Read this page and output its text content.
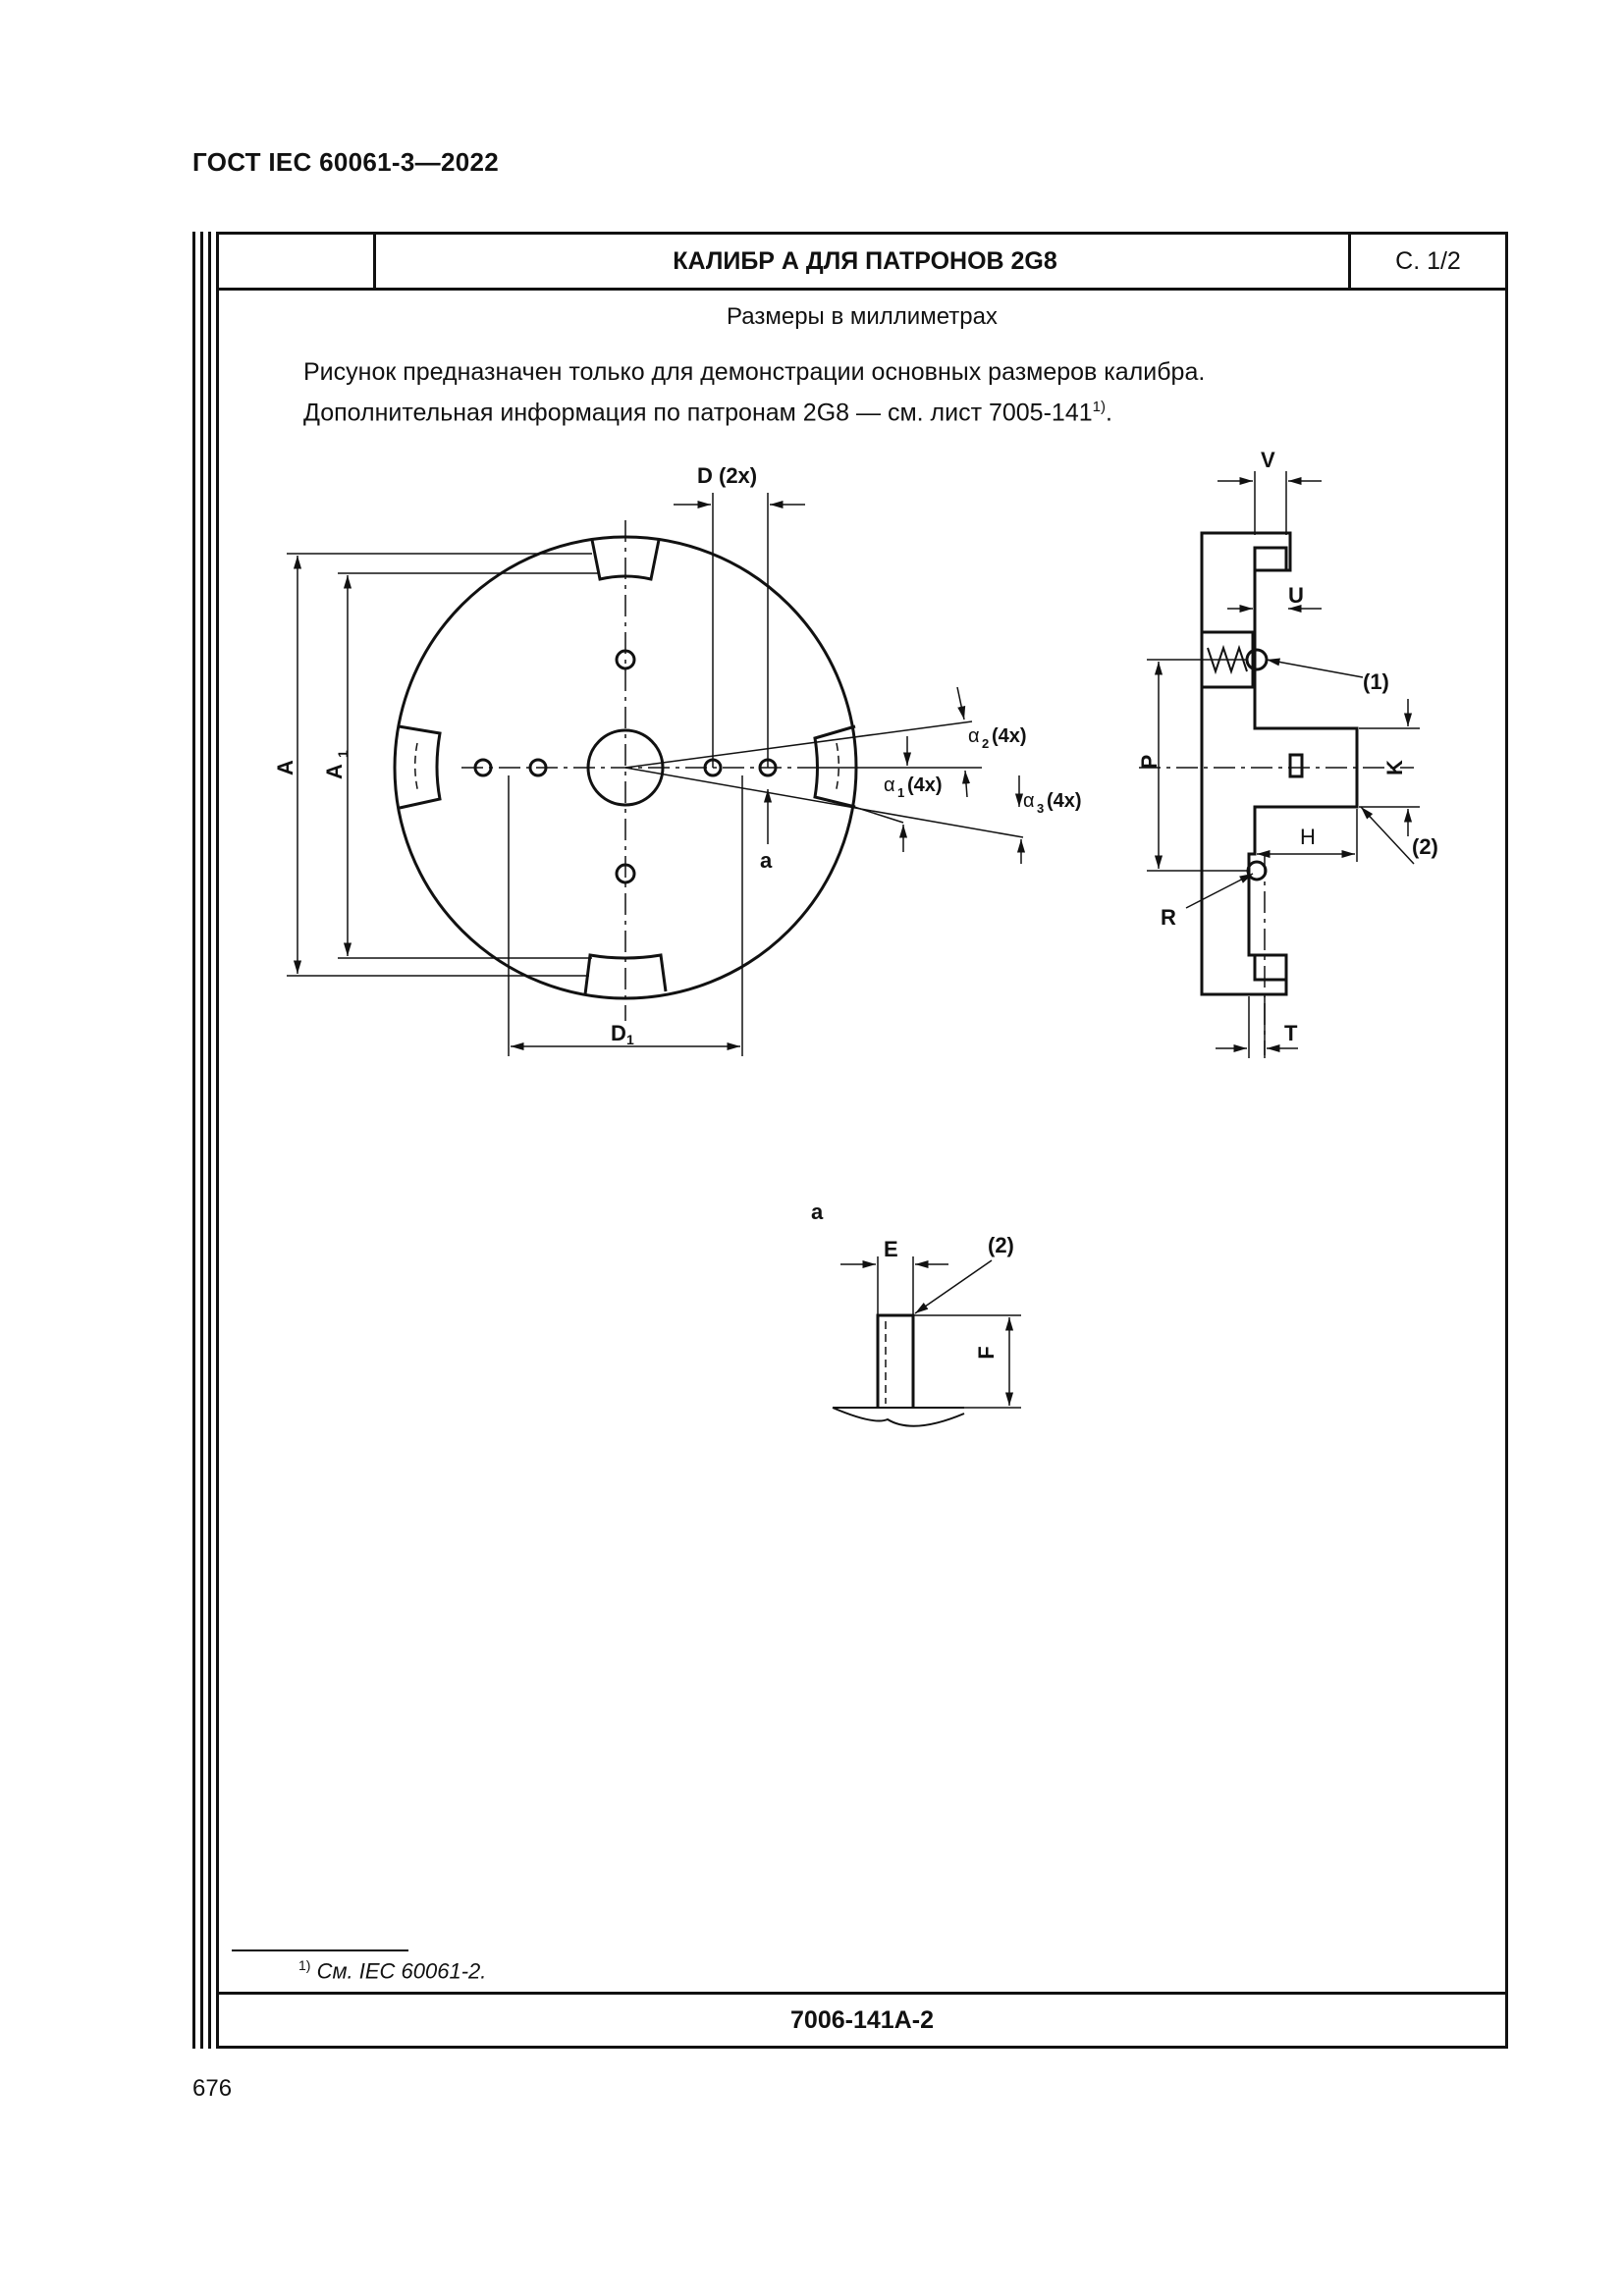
ГОСТ IEC 60061-3—2022
КАЛИБР А ДЛЯ ПАТРОНОВ 2G8	С. 1/2
Размеры в миллиметрах
Рисунок предназначен только для демонстрации основных размеров калибра.
Дополнительная информация по патронам 2G8 — см. лист 7005-141$^{1)}$.
7006-141A-2
D (2x)
A A
1
D 1
a
α 2 (4x)
α 1 (4x)
α 3 (4x)
V
U
(1)
P	K
H	(2)
R
T
a
E
F
(2)
$^{1)}$ См. IEC 60061-2.
676
